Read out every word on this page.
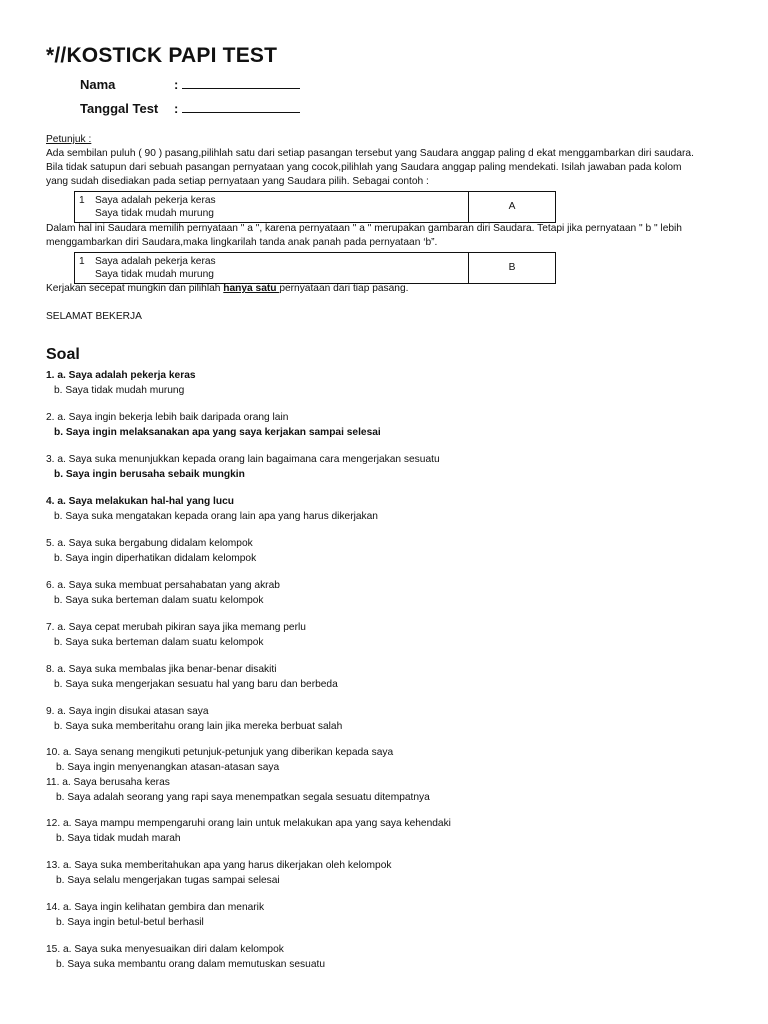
*//KOSTICK PAPI TEST
Nama	:
Tanggal Test :
Petunjuk :
Ada sembilan puluh ( 90 ) pasang,pilihlah satu dari setiap pasangan tersebut yang Saudara anggap paling d ekat menggambarkan diri saudara.
Bila tidak satupun dari sebuah pasangan pernyataan yang cocok,pilihlah yang Saudara anggap paling mendekati. Isilah jawaban pada kolom
yang sudah disediakan pada setiap pernyataan yang Saudara pilih. Sebagai contoh :
1 Saya adalah pekerja keras
Saya tidak mudah murung
A
Dalam hal ini Saudara memilih pernyataan " a ", karena pernyataan " a " merupakan gambaran diri Saudara. Tetapi jika pernyataan " b " lebih
menggambarkan diri Saudara,maka lingkarilah tanda anak panah pada pernyataan ‘b”.
1 Saya adalah pekerja keras
Saya tidak mudah murung
B
Kerjakan secepat mungkin dan pilihlah hanya satu pernyataan dari tiap pasang.
SELAMAT BEKERJA
Soal
1. a. Saya adalah pekerja keras
b. Saya tidak mudah murung
2. a. Saya ingin bekerja lebih baik daripada orang lain
b. Saya ingin melaksanakan apa yang saya kerjakan sampai selesai
3. a. Saya suka menunjukkan kepada orang lain bagaimana cara mengerjakan sesuatu
b. Saya ingin berusaha sebaik mungkin
4. a. Saya melakukan hal-hal yang lucu
b. Saya suka mengatakan kepada orang lain apa yang harus dikerjakan
5. a. Saya suka bergabung didalam kelompok
b. Saya ingin diperhatikan didalam kelompok
6. a. Saya suka membuat persahabatan yang akrab
b. Saya suka berteman dalam suatu kelompok
7. a. Saya cepat merubah pikiran saya jika memang perlu
b. Saya suka berteman dalam suatu kelompok
8. a. Saya suka membalas jika benar-benar disakiti
b. Saya suka mengerjakan sesuatu hal yang baru dan berbeda
9. a. Saya ingin disukai atasan saya
b. Saya suka memberitahu orang lain jika mereka berbuat salah
10. a. Saya senang mengikuti petunjuk-petunjuk yang diberikan kepada saya
b. Saya ingin menyenangkan atasan-atasan saya
11. a. Saya berusaha keras
b. Saya adalah seorang yang rapi saya menempatkan segala sesuatu ditempatnya
12. a. Saya mampu mempengaruhi orang lain untuk melakukan apa yang saya kehendaki
b. Saya tidak mudah marah
13. a. Saya suka memberitahukan apa yang harus dikerjakan oleh kelompok
b. Saya selalu mengerjakan tugas sampai selesai
14. a. Saya ingin kelihatan gembira dan menarik
b. Saya ingin betul-betul berhasil
15. a. Saya suka menyesuaikan diri dalam kelompok
b. Saya suka membantu orang dalam memutuskan sesuatu
